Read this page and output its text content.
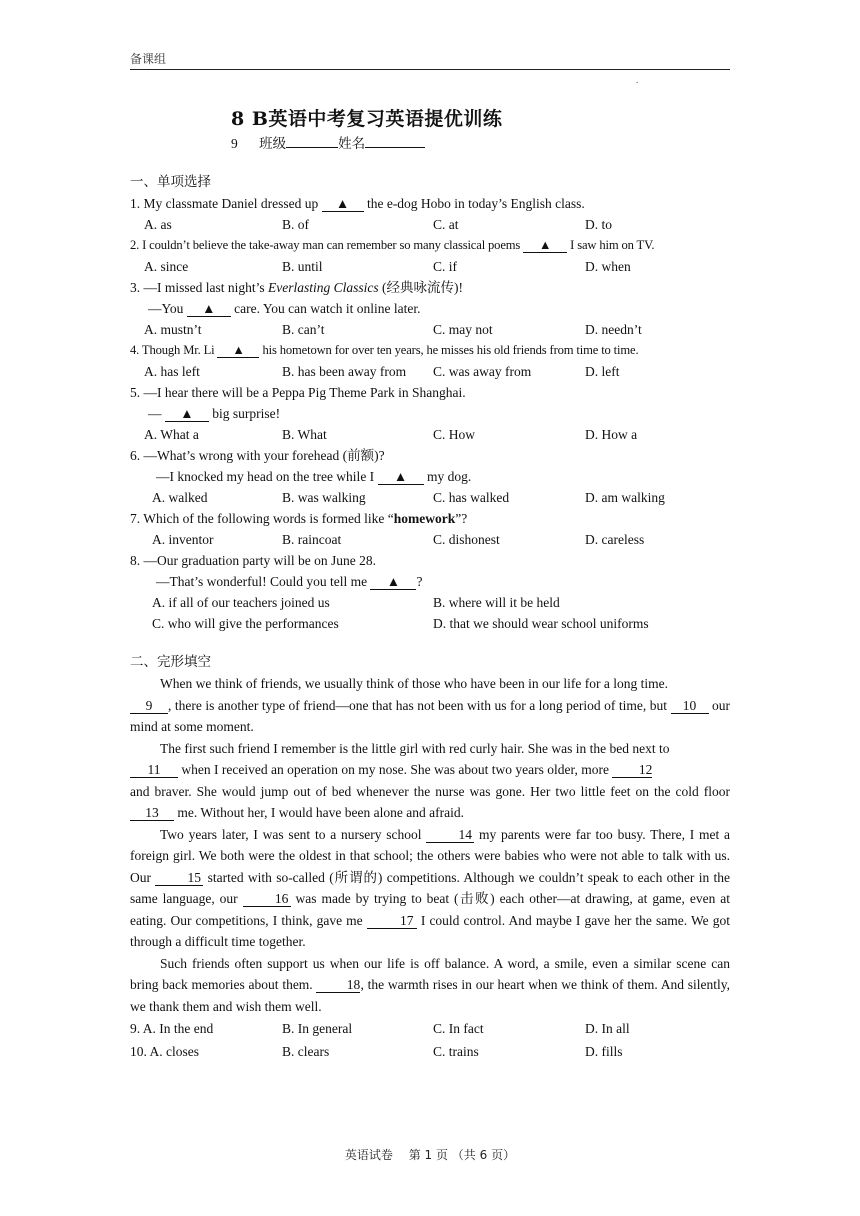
备课组
.
8 B英语中考复习英语提优训练
9 班级	姓名
一、单项选择
1. My classmate Daniel dressed up ▲ the e-dog Hobo in today’s English class.
A. as	B. of	C. at	D. to
2. I couldn’t believe the take-away man can remember so many classical poems ▲ I saw him on TV.
A. since	B. until	C. if	D. when
3. —I missed last night’s Everlasting Classics (经典咏流传)!
—You ▲ care. You can watch it online later.
A. mustn’t	B. can’t	C. may not	D. needn’t
4. Though Mr. Li ▲ his hometown for over ten years, he misses his old friends from time to time.
A. has left	B. has been away from C. was away from	D. left
5. —I hear there will be a Peppa Pig Theme Park in Shanghai.
— ▲ big surprise!
A. What a	B. What	C. How	D. How a
6. —What’s wrong with your forehead (前额)?
—I knocked my head on the tree while I ▲ my dog.
A. walked	B. was walking	C. has walked	D. am walking
7. Which of the following words is formed like “homework”?
A. inventor	B. raincoat	C. dishonest	D. careless
8. —Our graduation party will be on June 28.
—That’s wonderful! Could you tell me ▲ ?
A. if all of our teachers joined us	B. where will it be held
C. who will give the performances	D. that we should wear school uniforms
二、完形填空

When we think of friends, we usually think of those who have been in our life for a long time.

9 , there is another type of friend—one that has not been with us for a long period of time, but 10 our mind at some moment.

The first such friend I remember is the little girl with red curly hair. She was in the bed next to

11 when I received an operation on my nose. She was about two years older, more 12
and braver. She would jump out of bed whenever the nurse was gone. Her two little feet on the cold floor 13 me. Without her, I would have been alone and afraid.

Two years later, I was sent to a nursery school 14 my parents were far too busy. There, I met a foreign girl. We both were the oldest in that school; the others were babies who were not able to talk with us. Our 15 started with so-called (所谓的) competitions. Although we couldn’t speak to each other in the same language, our 16 was made by trying to beat (击败) each other—at drawing, at game, even at eating. Our competitions, I think, gave me 17 I could control. And maybe I gave her the same. We got through a difficult time together.

Such friends often support us when our life is off balance. A word, a smile, even a similar scene can bring back memories about them. 18, the warmth rises in our heart when we think of them. And silently, we thank them and wish them well.

9. A. In the end	B. In general	C. In fact	D. In all
10. A. closes	B. clears	C. trains	D. fills
英语试卷　 第 1 页 （共 6 页）
